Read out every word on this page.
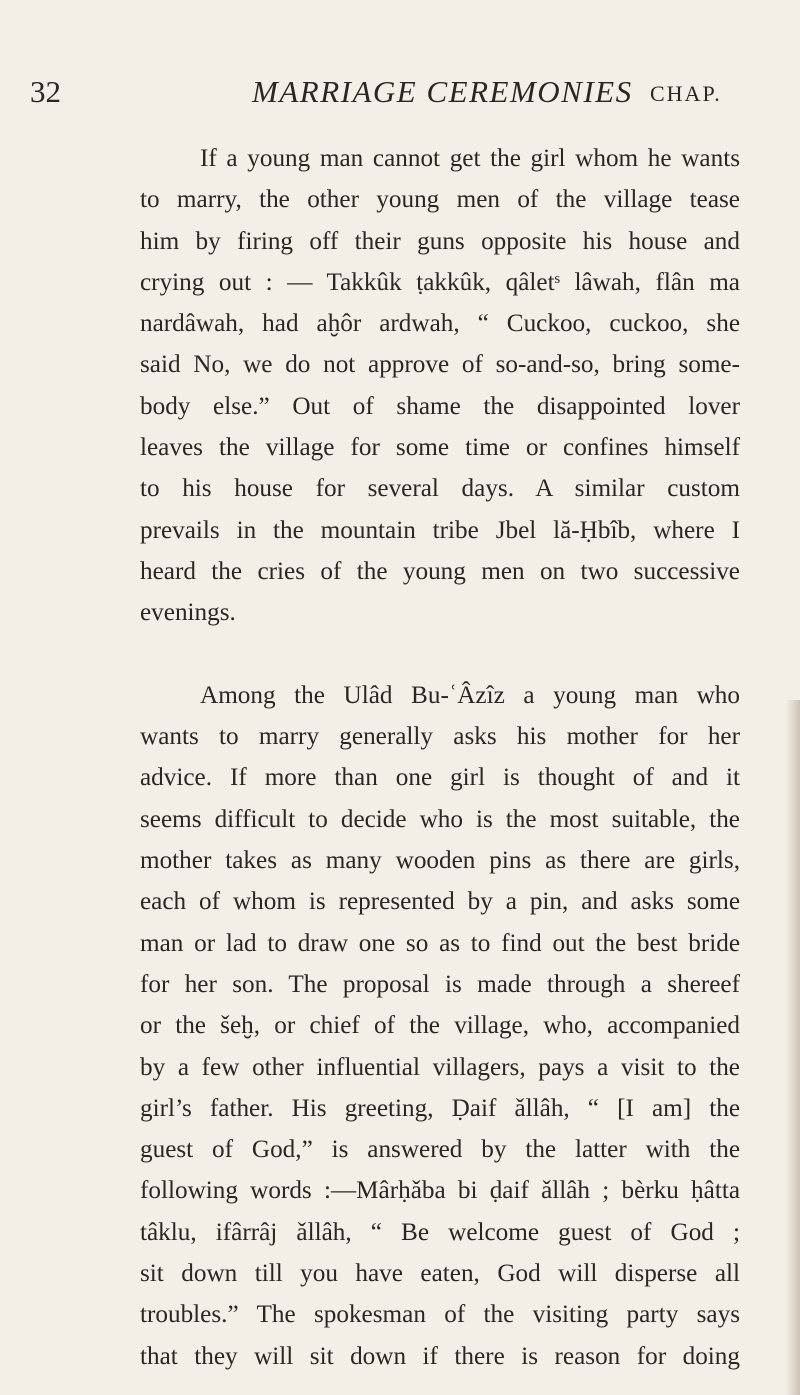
32	MARRIAGE CEREMONIES CHAP.
If a young man cannot get the girl whom he wants
to marry, the other young men of the village tease
him by firing off their guns opposite his house and
crying out : — Takkûk ṭakkûk, qâletˢ lâwah, flân ma
nardâwah, had aḫôr ardwah, “ Cuckoo, cuckoo, she
said No, we do not approve of so-and-so, bring some-
body else.” Out of shame the disappointed lover
leaves the village for some time or confines himself
to his house for several days. A similar custom
prevails in the mountain tribe Jbel lă-Ḥbîb, where I
heard the cries of the young men on two successive
evenings.
Among the Ulâd Bu-ʿÂzîz a young man who
wants to marry generally asks his mother for her
advice. If more than one girl is thought of and it
seems difficult to decide who is the most suitable, the
mother takes as many wooden pins as there are girls,
each of whom is represented by a pin, and asks some
man or lad to draw one so as to find out the best bride
for her son. The proposal is made through a shereef
or the šeḫ, or chief of the village, who, accompanied
by a few other influential villagers, pays a visit to the
girl’s father. His greeting, Ḍaif ǎllâh, “ [I am] the
guest of God,” is answered by the latter with the
following words :—Mârḥǎba bi ḍaif ǎllâh ; bèrku ḥâtta
tâklu, ifârrâj ǎllâh, “ Be welcome guest of God ;
sit down till you have eaten, God will disperse all
troubles.” The spokesman of the visiting party says
that they will sit down if there is reason for doing
